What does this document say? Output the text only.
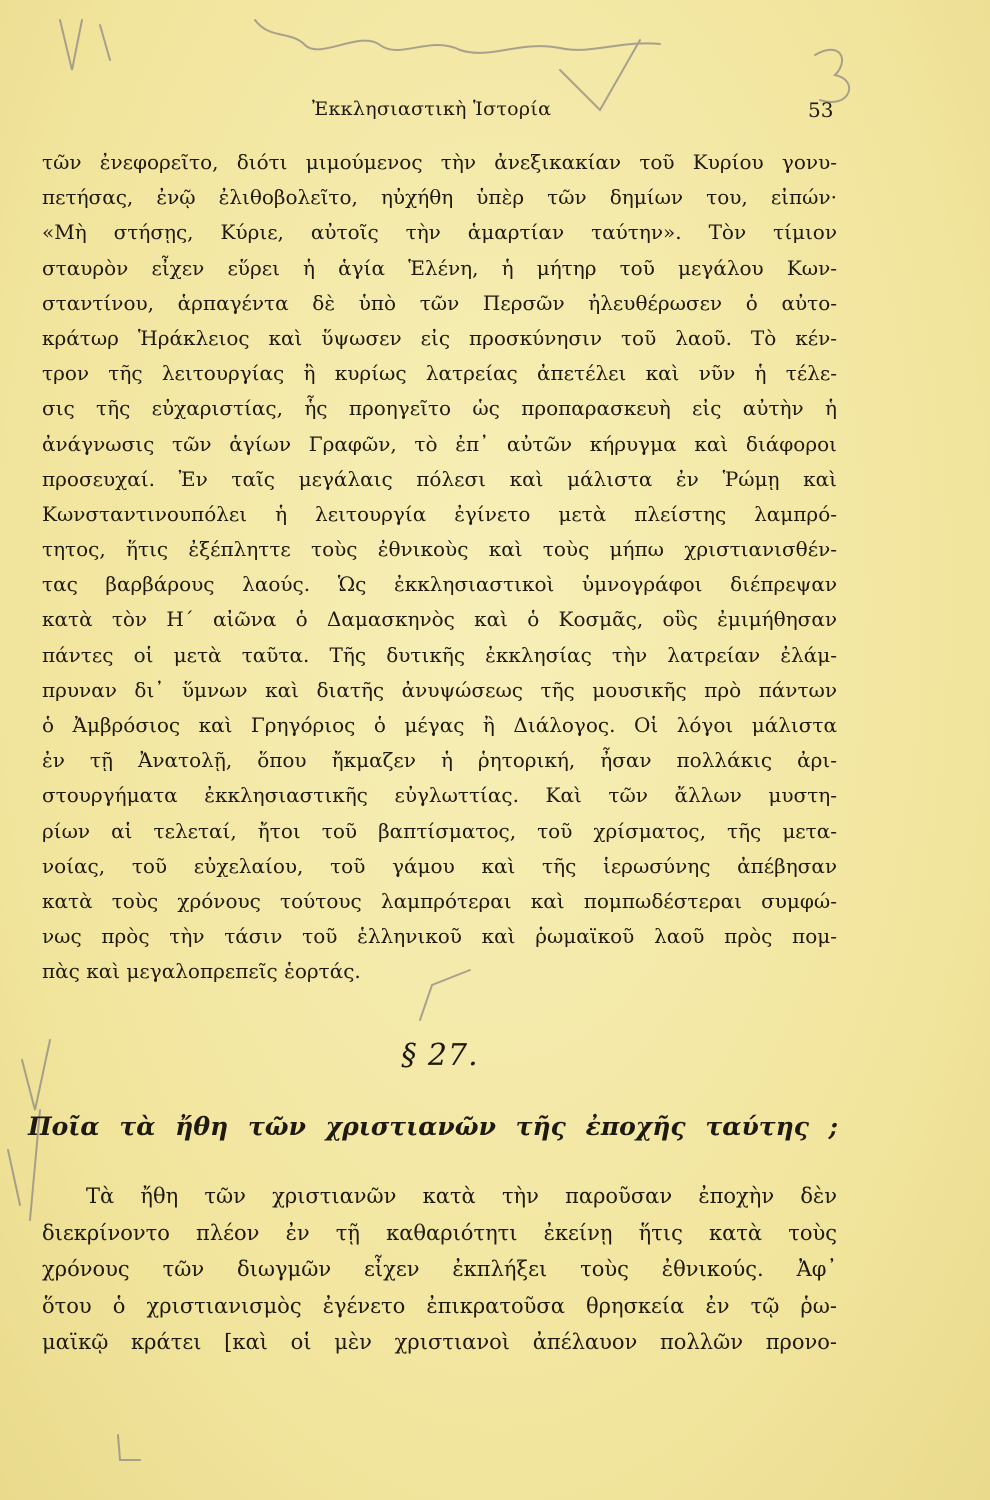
Ἐκκλησιαστικὴ Ἱστορία	53
τῶν ἐνεφορεῖτο, διότι μιμούμενος τὴν ἀνεξικακίαν τοῦ Κυρίου γονυ-
πετήσας, ἐνῷ ἐλιθοβολεῖτο, ηὐχήθη ὑπὲρ τῶν δημίων του, εἰπών·
«Μὴ στήσῃς, Κύριε, αὐτοῖς τὴν ἁμαρτίαν ταύτην». Τὸν τίμιον
σταυρὸν εἶχεν εὕρει ἡ ἁγία Ἑλένη, ἡ μήτηρ τοῦ μεγάλου Κων-
σταντίνου, ἁρπαγέντα δὲ ὑπὸ τῶν Περσῶν ἠλευθέρωσεν ὁ αὐτο-
κράτωρ Ἡράκλειος καὶ ὕψωσεν εἰς προσκύνησιν τοῦ λαοῦ. Τὸ κέν-
τρον τῆς λειτουργίας ἢ κυρίως λατρείας ἀπετέλει καὶ νῦν ἡ τέλε-
σις τῆς εὐχαριστίας, ἧς προηγεῖτο ὡς προπαρασκευὴ εἰς αὐτὴν ἡ
ἀνάγνωσις τῶν ἁγίων Γραφῶν, τὸ ἐπ᾽ αὐτῶν κήρυγμα καὶ διάφοροι
προσευχαί. Ἐν ταῖς μεγάλαις πόλεσι καὶ μάλιστα ἐν Ῥώμῃ καὶ
Κωνσταντινουπόλει ἡ λειτουργία ἐγίνετο μετὰ πλείστης λαμπρό-
τητος, ἥτις ἐξέπληττε τοὺς ἐθνικοὺς καὶ τοὺς μήπω χριστιανισθέν-
τας βαρβάρους λαούς. Ὡς ἐκκλησιαστικοὶ ὑμνογράφοι διέπρεψαν
κατὰ τὸν Η΄ αἰῶνα ὁ Δαμασκηνὸς καὶ ὁ Κοσμᾶς, οὓς ἐμιμήθησαν
πάντες οἱ μετὰ ταῦτα. Τῆς δυτικῆς ἐκκλησίας τὴν λατρείαν ἐλάμ-
πρυναν δι᾽ ὕμνων καὶ διατῆς ἀνυψώσεως τῆς μουσικῆς πρὸ πάντων
ὁ Ἀμβρόσιος καὶ Γρηγόριος ὁ μέγας ἢ Διάλογος. Οἱ λόγοι μάλιστα
ἐν τῇ Ἀνατολῇ, ὅπου ἤκμαζεν ἡ ῥητορική, ἦσαν πολλάκις ἀρι-
στουργήματα ἐκκλησιαστικῆς εὐγλωττίας. Καὶ τῶν ἄλλων μυστη-
ρίων αἱ τελεταί, ἤτοι τοῦ βαπτίσματος, τοῦ χρίσματος, τῆς μετα-
νοίας, τοῦ εὐχελαίου, τοῦ γάμου καὶ τῆς ἱερωσύνης ἀπέβησαν
κατὰ τοὺς χρόνους τούτους λαμπρότεραι καὶ πομπωδέστεραι συμφώ-
νως πρὸς τὴν τάσιν τοῦ ἑλληνικοῦ καὶ ῥωμαϊκοῦ λαοῦ πρὸς πομ-
πὰς καὶ μεγαλοπρεπεῖς ἑορτάς.
§ 27.
Ποῖα τὰ ἤθη τῶν χριστιανῶν τῆς ἐποχῆς ταύτης ;
Τὰ ἤθη τῶν χριστιανῶν κατὰ τὴν παροῦσαν ἐποχὴν δὲν
διεκρίνοντο πλέον ἐν τῇ καθαριότητι ἐκείνῃ ἥτις κατὰ τοὺς
χρόνους τῶν διωγμῶν εἶχεν ἐκπλήξει τοὺς ἐθνικούς. Ἀφ᾽
ὅτου ὁ χριστιανισμὸς ἐγένετο ἐπικρατοῦσα θρησκεία ἐν τῷ ῥω-
μαϊκῷ κράτει [καὶ οἱ μὲν χριστιανοὶ ἀπέλαυον πολλῶν προνο-
